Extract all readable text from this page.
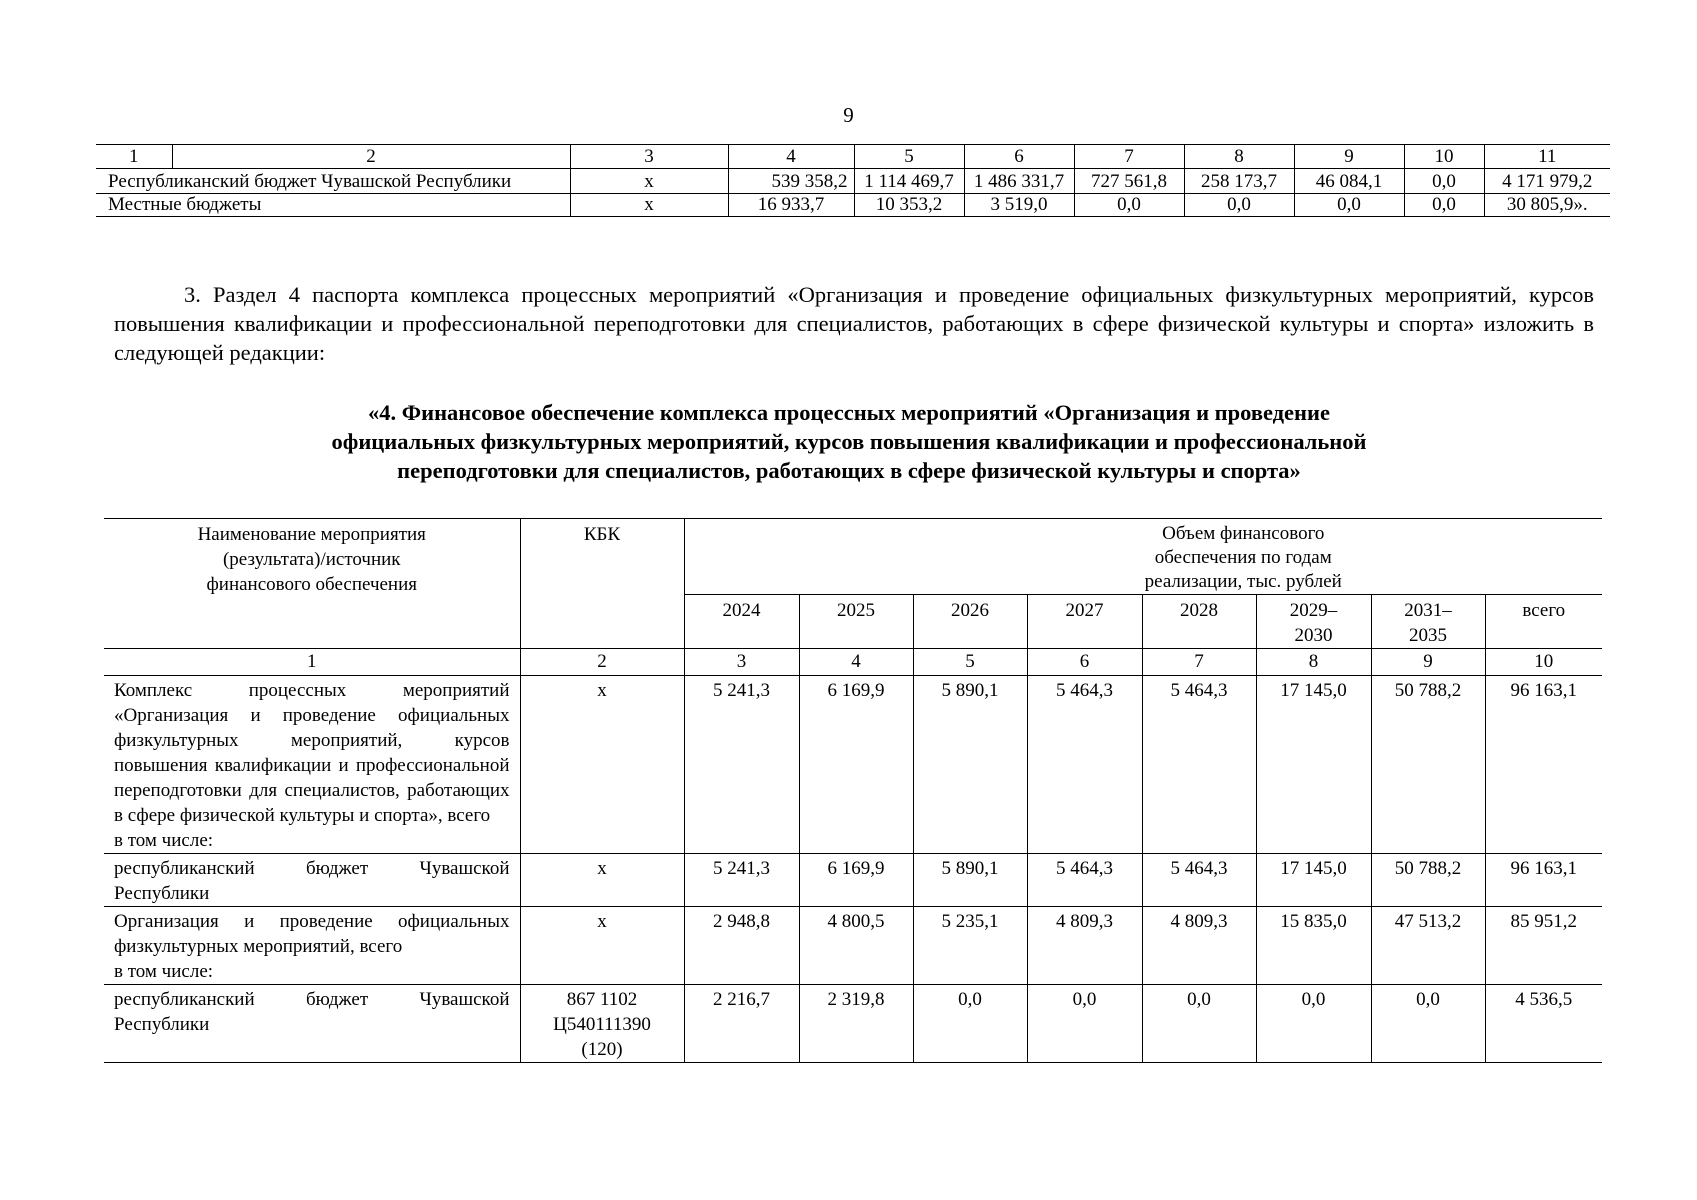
9
1	2	3	4	5	6	7	8	9	10	11
Республиканский бюджет Чувашской Республики		х	539 358,2	1 114 469,7	1 486 331,7	727 561,8	258 173,7	46 084,1	0,0	4 171 979,2
Местные бюджеты		х	16 933,7	10 353,2	3 519,0	0,0	0,0	0,0	0,0	30 805,9».
3. Раздел 4 паспорта комплекса процессных мероприятий «Организация и проведение официальных физкультурных мероприятий, курсов повышения квалификации и профессиональной переподготовки для специалистов, работающих в сфере физической культуры и спорта» изложить в следующей редакции:
«4. Финансовое обеспечение комплекса процессных мероприятий «Организация и проведение
официальных физкультурных мероприятий, курсов повышения квалификации и профессиональной
переподготовки для специалистов, работающих в сфере физической культуры и спорта»
Наименование мероприятия (результата)/источник финансового обеспечения	КБК	Объем финансового обеспечения по годам реализации, тыс. рублей							
		2024	2025	2026	2027	2028	2029–2030	2031–2035	всего
1	2	3	4	5	6	7	8	9	10

Комплекс процессных мероприятий «Организация и проведение официальных физкультурных мероприятий, курсов повышения квалификации и профессиональной переподготовки для специалистов, работающих в сфере физической культуры и спорта», всего
в том числе:	х	5 241,3	6 169,9	5 890,1	5 464,3	5 464,3	17 145,0	50 788,2	96 163,1

республиканский бюджет Чувашской Республики	х	5 241,3	6 169,9	5 890,1	5 464,3	5 464,3	17 145,0	50 788,2	96 163,1

Организация и проведение официальных физкультурных мероприятий, всего
в том числе:	х	2 948,8	4 800,5	5 235,1	4 809,3	4 809,3	15 835,0	47 513,2	85 951,2

республиканский бюджет Чувашской Республики	867 1102 Ц540111390 (120)	2 216,7	2 319,8	0,0	0,0	0,0	0,0	0,0	4 536,5
